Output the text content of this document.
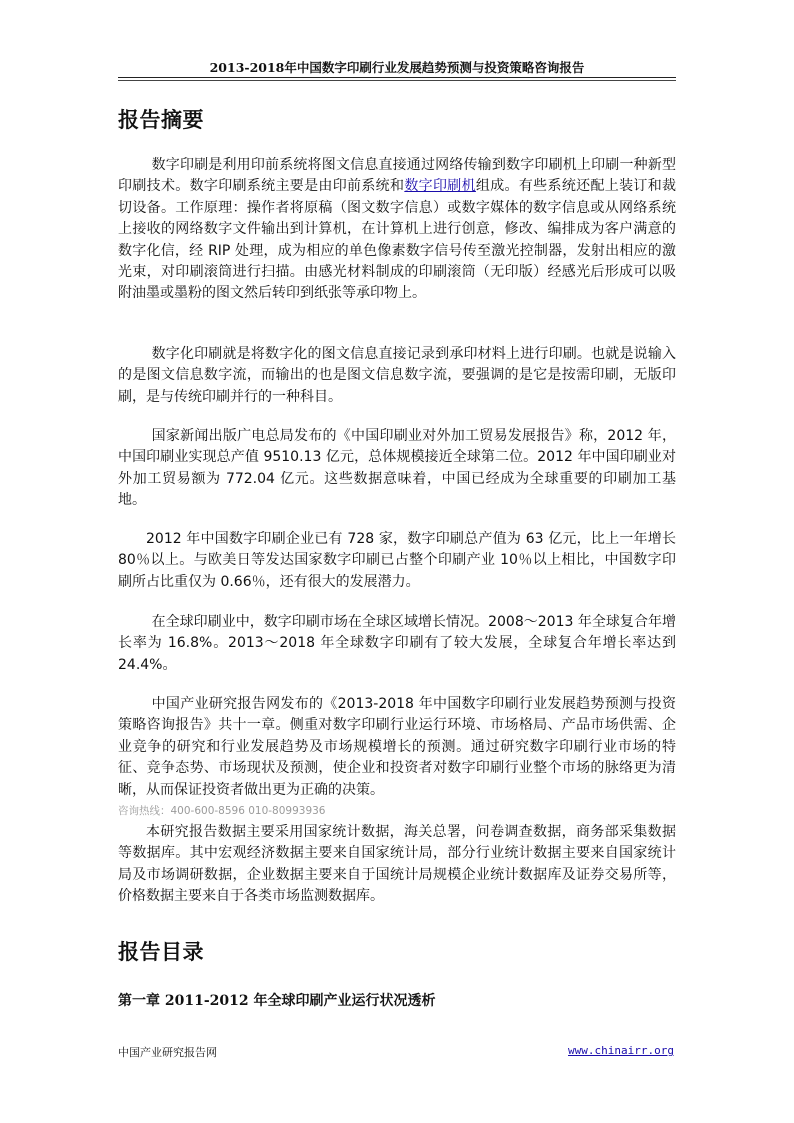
2013-2018年中国数字印刷行业发展趋势预测与投资策略咨询报告
报告摘要
数字印刷是利用印前系统将图文信息直接通过网络传输到数字印刷机上印刷一种新型印刷技术。数字印刷系统主要是由印前系统和数字印刷机组成。有些系统还配上装订和裁切设备。工作原理：操作者将原稿（图文数字信息）或数字媒体的数字信息或从网络系统上接收的网络数字文件输出到计算机，在计算机上进行创意，修改、编排成为客户满意的数字化信，经 RIP 处理，成为相应的单色像素数字信号传至激光控制器，发射出相应的激光束，对印刷滚筒进行扫描。由感光材料制成的印刷滚筒（无印版）经感光后形成可以吸附油墨或墨粉的图文然后转印到纸张等承印物上。
数字化印刷就是将数字化的图文信息直接记录到承印材料上进行印刷。也就是说输入的是图文信息数字流，而输出的也是图文信息数字流，要强调的是它是按需印刷，无版印刷，是与传统印刷并行的一种科目。
国家新闻出版广电总局发布的《中国印刷业对外加工贸易发展报告》称，2012 年，中国印刷业实现总产值 9510.13 亿元，总体规模接近全球第二位。2012 年中国印刷业对外加工贸易额为 772.04 亿元。这些数据意味着，中国已经成为全球重要的印刷加工基地。
2012 年中国数字印刷企业已有 728 家，数字印刷总产值为 63 亿元，比上一年增长 80％以上。与欧美日等发达国家数字印刷已占整个印刷产业 10％以上相比，中国数字印刷所占比重仅为 0.66％，还有很大的发展潜力。
在全球印刷业中，数字印刷市场在全球区域增长情况。2008～2013 年全球复合年增长率为 16.8%。2013～2018 年全球数字印刷有了较大发展，全球复合年增长率达到 24.4%。
中国产业研究报告网发布的《2013-2018 年中国数字印刷行业发展趋势预测与投资策略咨询报告》共十一章。侧重对数字印刷行业运行环境、市场格局、产品市场供需、企业竞争的研究和行业发展趋势及市场规模增长的预测。通过研究数字印刷行业市场的特征、竞争态势、市场现状及预测，使企业和投资者对数字印刷行业整个市场的脉络更为清晰，从而保证投资者做出更为正确的决策。
咨询热线：400-600-8596 010-80993936
本研究报告数据主要采用国家统计数据，海关总署，问卷调查数据，商务部采集数据等数据库。其中宏观经济数据主要来自国家统计局，部分行业统计数据主要来自国家统计局及市场调研数据，企业数据主要来自于国统计局规模企业统计数据库及证券交易所等，价格数据主要来自于各类市场监测数据库。
报告目录
第一章 2011-2012 年全球印刷产业运行状况透析
中国产业研究报告网	www.chinairr.org
